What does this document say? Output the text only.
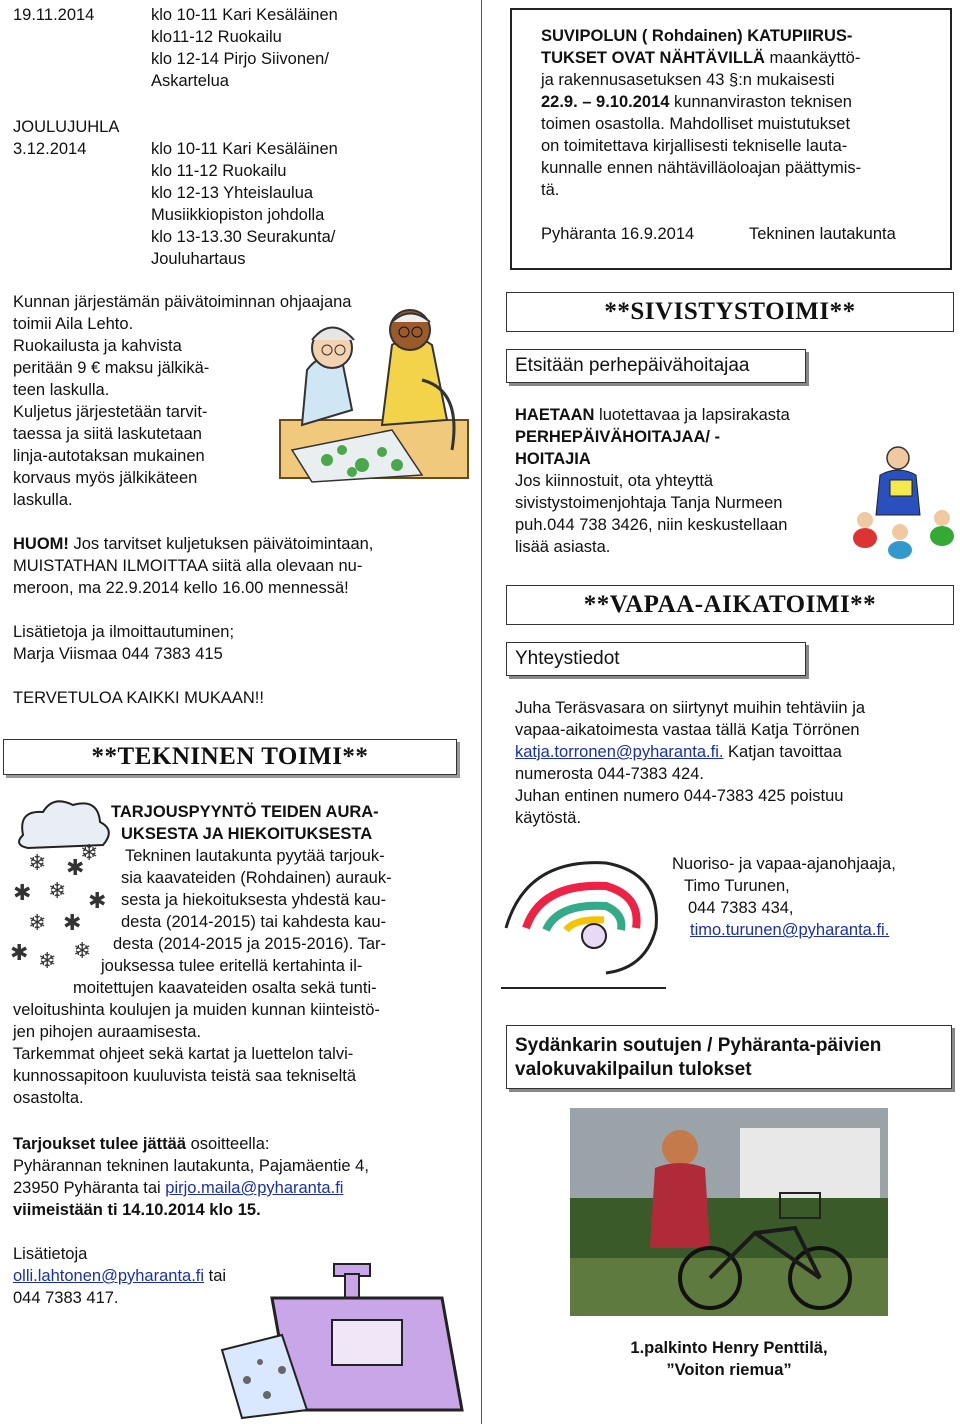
19.11.2014	klo 10-11 Kari Kesäläinen
klo11-12 Ruokailu
klo 12-14 Pirjo Siivonen/
Askartelua
JOULUJUHLA
3.12.2014	klo 10-11 Kari Kesäläinen
klo 11-12 Ruokailu
klo 12-13 Yhteislaulua
Musiikkiopiston johdolla
klo 13-13.30 Seurakunta/
Jouluhartaus
Kunnan järjestämän päivätoiminnan ohjaajana
toimii Aila Lehto.
Ruokailusta ja kahvista
peritään 9 € maksu jälkikä-
teen laskulla.
Kuljetus järjestetään tarvit-
taessa ja siitä laskutetaan
linja-autotaksan mukainen
korvaus myös jälkikäteen
laskulla.
HUOM! Jos tarvitset kuljetuksen päivätoimintaan,
MUISTATHAN ILMOITTAA siitä alla olevaan nu-
meroon, ma 22.9.2014 kello 16.00 mennessä!
Lisätietoja ja ilmoittautuminen;
Marja Viismaa 044 7383 415
TERVETULOA KAIKKI MUKAAN!!
**TEKNINEN TOIMI**
❄ ✱
❄
✱ ❄ ✱
❄ ✱
✱ ❄ ❄
TARJOUSPYYNTÖ TEIDEN AURA-
UKSESTA JA HIEKOITUKSESTA
Tekninen lautakunta pyytää tarjouk-
sia kaavateiden (Rohdainen) aurauk-
sesta ja hiekoituksesta yhdestä kau-
desta (2014-2015) tai kahdesta kau-
desta (2014-2015 ja 2015-2016). Tar-
jouksessa tulee eritellä kertahinta il-
moitettujen kaavateiden osalta sekä tunti-
veloitushinta koulujen ja muiden kunnan kiinteistö-
jen pihojen auraamisesta.
Tarkemmat ohjeet sekä kartat ja luettelon talvi-
kunnossapitoon kuuluvista teistä saa tekniseltä
osastolta.
Tarjoukset tulee jättää osoitteella:
Pyhärannan tekninen lautakunta, Pajamäentie 4,
23950 Pyhäranta tai pirjo.maila@pyharanta.fi
viimeistään ti 14.10.2014 klo 15.
Lisätietoja
olli.lahtonen@pyharanta.fi tai
044 7383 417.
SUVIPOLUN ( Rohdainen) KATUPIIRUS-
TUKSET OVAT NÄHTÄVILLÄ maankäyttö-
ja rakennusasetuksen 43 §:n mukaisesti
22.9. – 9.10.2014 kunnanviraston teknisen
toimen osastolla. Mahdolliset muistutukset
on toimitettava kirjallisesti tekniselle lauta-
kunnalle ennen nähtävilläoloajan päättymis-
tä.
Pyhäranta 16.9.2014	Tekninen lautakunta
**SIVISTYSTOIMI**
Etsitään perhepäivähoitajaa
HAETAAN luotettavaa ja lapsirakasta
PERHEPÄIVÄHOITAJAA/ -
HOITAJIA
Jos kiinnostuit, ota yhteyttä
sivistystoimenjohtaja Tanja Nurmeen
puh.044 738 3426, niin keskustellaan
lisää asiasta.
**VAPAA-AIKATOIMI**
Yhteystiedot
Juha Teräsvasara on siirtynyt muihin tehtäviin ja
vapaa-aikatoimesta vastaa tällä Katja Törrönen
katja.torronen@pyharanta.fi. Katjan tavoittaa
numerosta 044-7383 424.
Juhan entinen numero 044-7383 425 poistuu
käytöstä.
Nuoriso- ja vapaa-ajanohjaaja,
Timo Turunen,
044 7383 434,
timo.turunen@pyharanta.fi.
Sydänkarin soutujen / Pyhäranta-päivien
valokuvakilpailun tulokset
1.palkinto Henry Penttilä,
”Voiton riemua”
